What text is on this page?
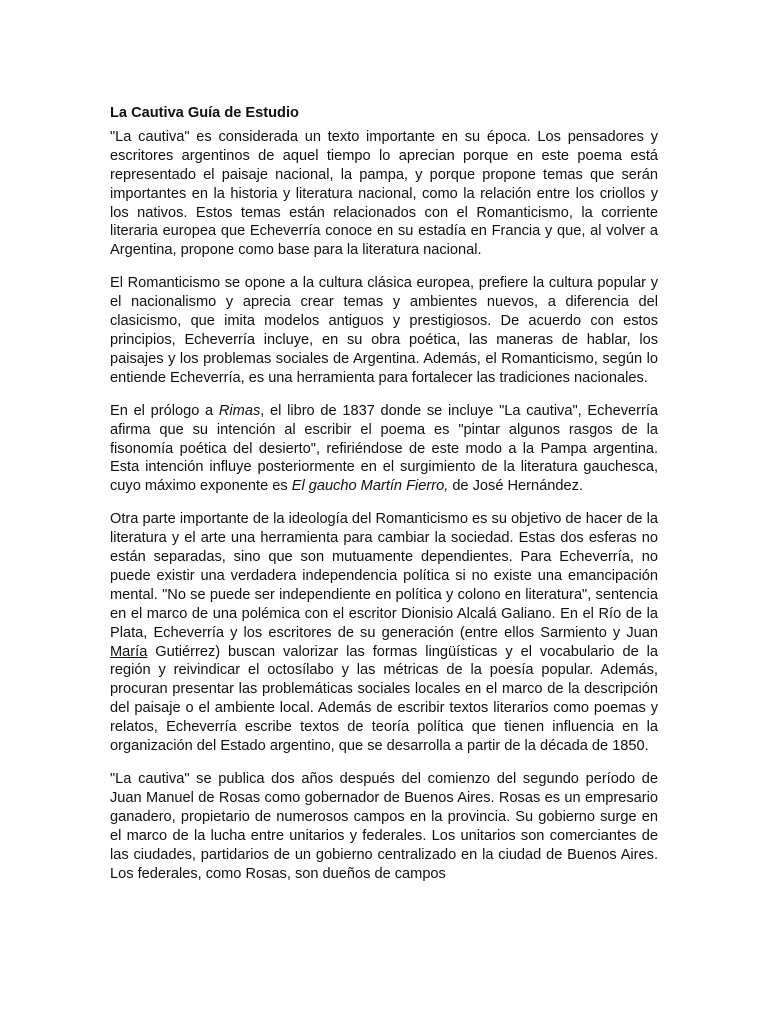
La Cautiva Guía de Estudio

"La cautiva" es considerada un texto importante en su época. Los pensadores y escritores argentinos de aquel tiempo lo aprecian porque en este poema está representado el paisaje nacional, la pampa, y porque propone temas que serán importantes en la historia y literatura nacional, como la relación entre los criollos y los nativos. Estos temas están relacionados con el Romanticismo, la corriente literaria europea que Echeverría conoce en su estadía en Francia y que, al volver a Argentina, propone como base para la literatura nacional.

El Romanticismo se opone a la cultura clásica europea, prefiere la cultura popular y el nacionalismo y aprecia crear temas y ambientes nuevos, a diferencia del clasicismo, que imita modelos antiguos y prestigiosos. De acuerdo con estos principios, Echeverría incluye, en su obra poética, las maneras de hablar, los paisajes y los problemas sociales de Argentina. Además, el Romanticismo, según lo entiende Echeverría, es una herramienta para fortalecer las tradiciones nacionales.

En el prólogo a Rimas, el libro de 1837 donde se incluye "La cautiva", Echeverría afirma que su intención al escribir el poema es "pintar algunos rasgos de la fisonomía poética del desierto", refiriéndose de este modo a la Pampa argentina. Esta intención influye posteriormente en el surgimiento de la literatura gauchesca, cuyo máximo exponente es El gaucho Martín Fierro, de José Hernández.

Otra parte importante de la ideología del Romanticismo es su objetivo de hacer de la literatura y el arte una herramienta para cambiar la sociedad. Estas dos esferas no están separadas, sino que son mutuamente dependientes. Para Echeverría, no puede existir una verdadera independencia política si no existe una emancipación mental. "No se puede ser independiente en política y colono en literatura", sentencia en el marco de una polémica con el escritor Dionisio Alcalá Galiano. En el Río de la Plata, Echeverría y los escritores de su generación (entre ellos Sarmiento y Juan María Gutiérrez) buscan valorizar las formas lingüísticas y el vocabulario de la región y reivindicar el octosílabo y las métricas de la poesía popular. Además, procuran presentar las problemáticas sociales locales en el marco de la descripción del paisaje o el ambiente local. Además de escribir textos literarios como poemas y relatos, Echeverría escribe textos de teoría política que tienen influencia en la organización del Estado argentino, que se desarrolla a partir de la década de 1850.

"La cautiva" se publica dos años después del comienzo del segundo período de Juan Manuel de Rosas como gobernador de Buenos Aires. Rosas es un empresario ganadero, propietario de numerosos campos en la provincia. Su gobierno surge en el marco de la lucha entre unitarios y federales. Los unitarios son comerciantes de las ciudades, partidarios de un gobierno centralizado en la ciudad de Buenos Aires. Los federales, como Rosas, son dueños de campos
